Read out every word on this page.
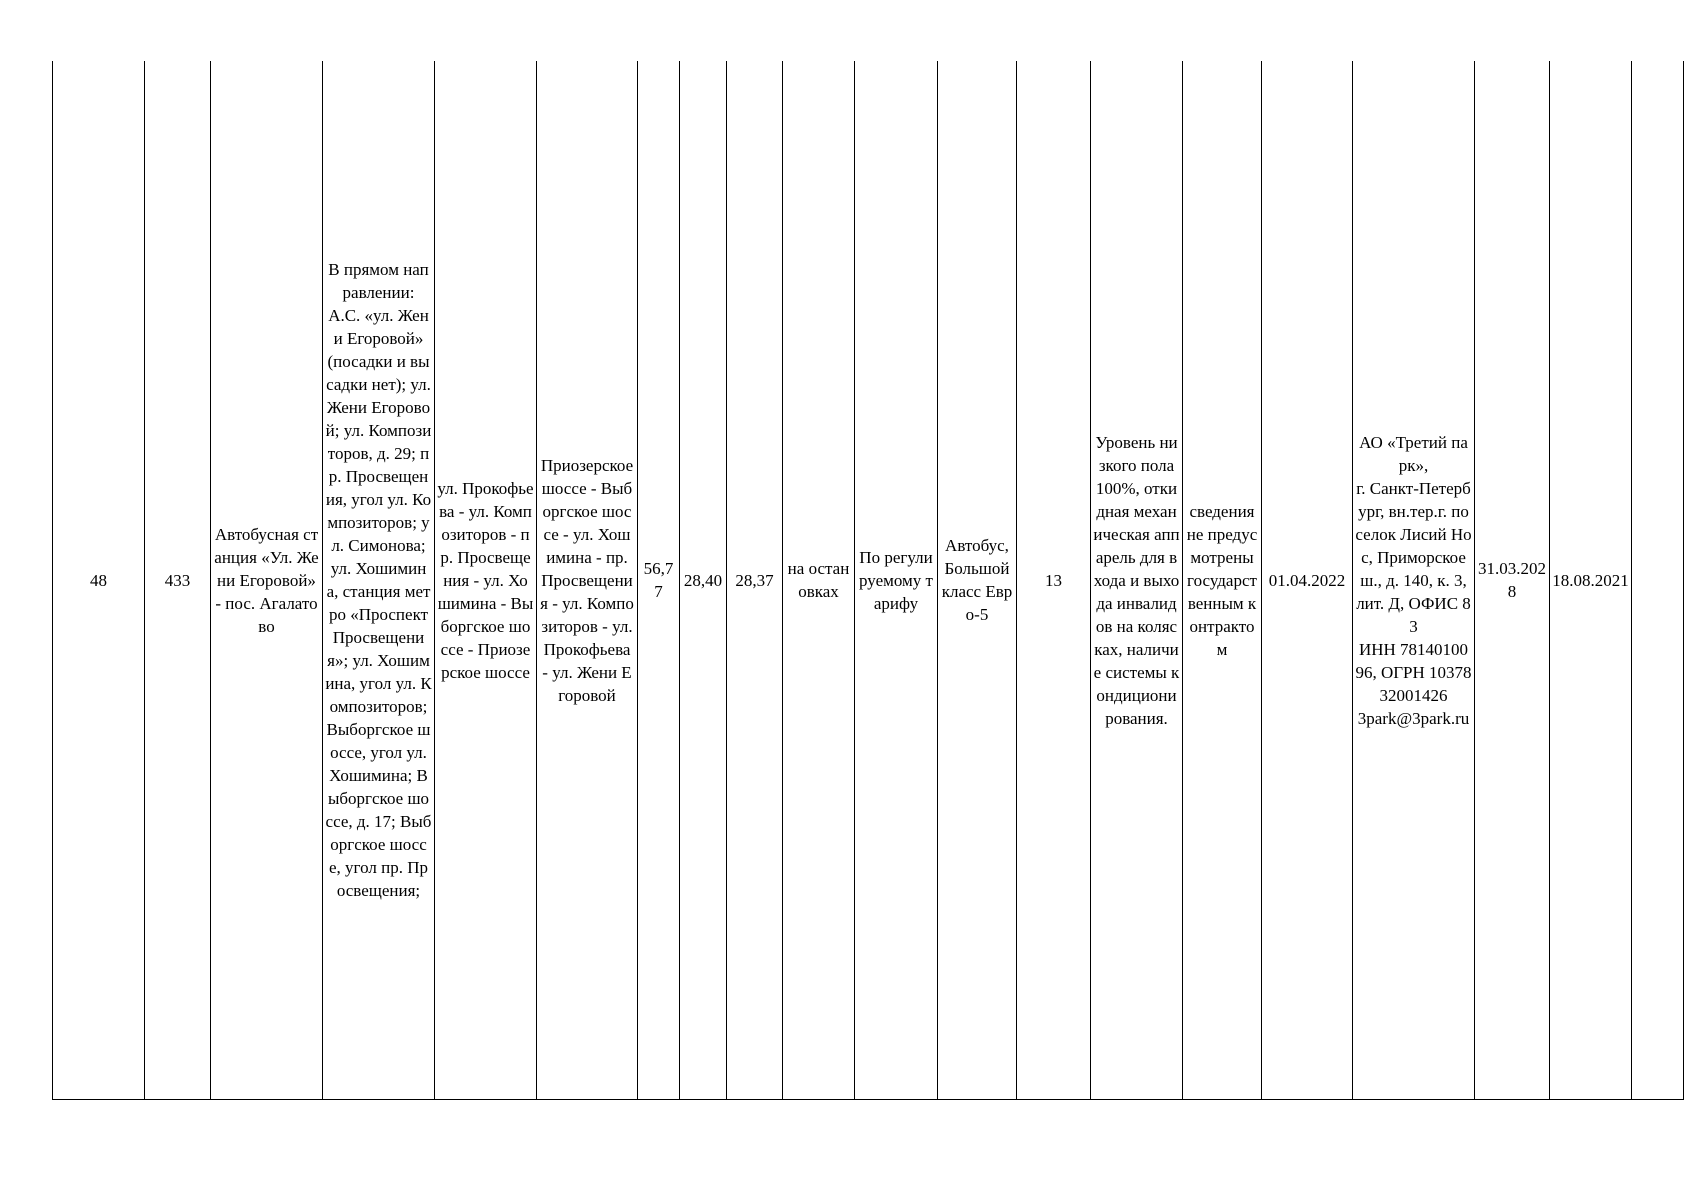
48	433	Автобусная станция «Ул. Жени Егоровой» - пос. Агалатово	В прямом направлении:
А.С. «ул. Жени Егоровой» (посадки и высадки нет); ул. Жени Егоровой; ул. Композиторов, д. 29; пр. Просвещения, угол ул. Композиторов; ул. Симонова; ул. Хошимина, станция метро «Проспект Просвещения»; ул. Хошимина, угол ул. Композиторов; Выборгское шоссе, угол ул. Хошимина; Выборгское шоссе, д. 17; Выборгское шоссе, угол пр. Просвещения;	ул. Прокофьева - ул. Композиторов - пр. Просвещения - ул. Хошимина - Выборгское шоссе - Приозерское шоссе	Приозерское шоссе - Выборгское шоссе - ул. Хошимина - пр. Просвещения - ул. Композиторов - ул. Прокофьева - ул. Жени Егоровой	56,77	28,40	28,37	на остановках	По регулируемому тарифу	Автобус, Большой класс Евро-5	13	Уровень низкого пола 100%, откидная механическая аппарель для входа и выхода инвалидов на колясках, наличие системы кондиционирования.	сведения не предусмотрены государственным контрактом	01.04.2022	АО «Третий парк»,
г. Санкт-Петербург, вн.тер.г. поселок Лисий Нос, Приморское ш., д. 140, к. 3, лит. Д, ОФИС 83
ИНН 7814010096, ОГРН 1037832001426
3park@3park.ru	31.03.2028	18.08.2021	
